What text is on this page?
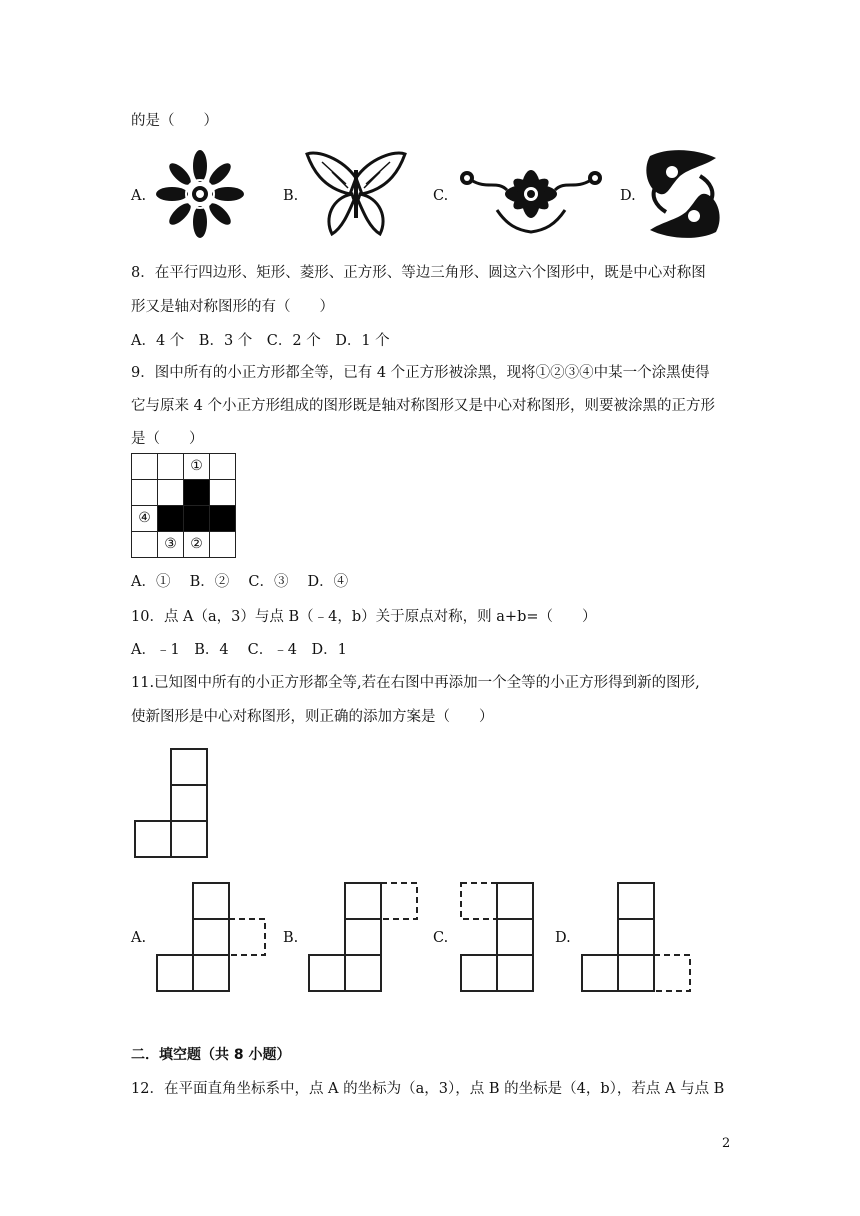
的是（　　）
A.	B.	C.	D.
8．在平行四边形、矩形、菱形、正方形、等边三角形、圆这六个图形中，既是中心对称图
形又是轴对称图形的有（　　）
A．4 个　B．3 个　C．2 个　D．1 个
9．图中所有的小正方形都全等，已有 4 个正方形被涂黑，现将①②③④中某一个涂黑使得
它与原来 4 个小正方形组成的图形既是轴对称图形又是中心对称图形，则要被涂黑的正方形
是（　　）
		①	

④			
	③	②	
A．①　 B．②　 C．③　 D．④
10．点 A（a，3）与点 B（﹣4，b）关于原点对称，则 a+b=（　　）
A．﹣1　B．4　 C．﹣4　D．1
11.已知图中所有的小正方形都全等,若在右图中再添加一个全等的小正方形得到新的图形,
使新图形是中心对称图形，则正确的添加方案是（　　）
A.	B.	C.	D.
二．填空题（共 8 小题）
12．在平面直角坐标系中，点 A 的坐标为（a，3），点 B 的坐标是（4，b），若点 A 与点 B
2
